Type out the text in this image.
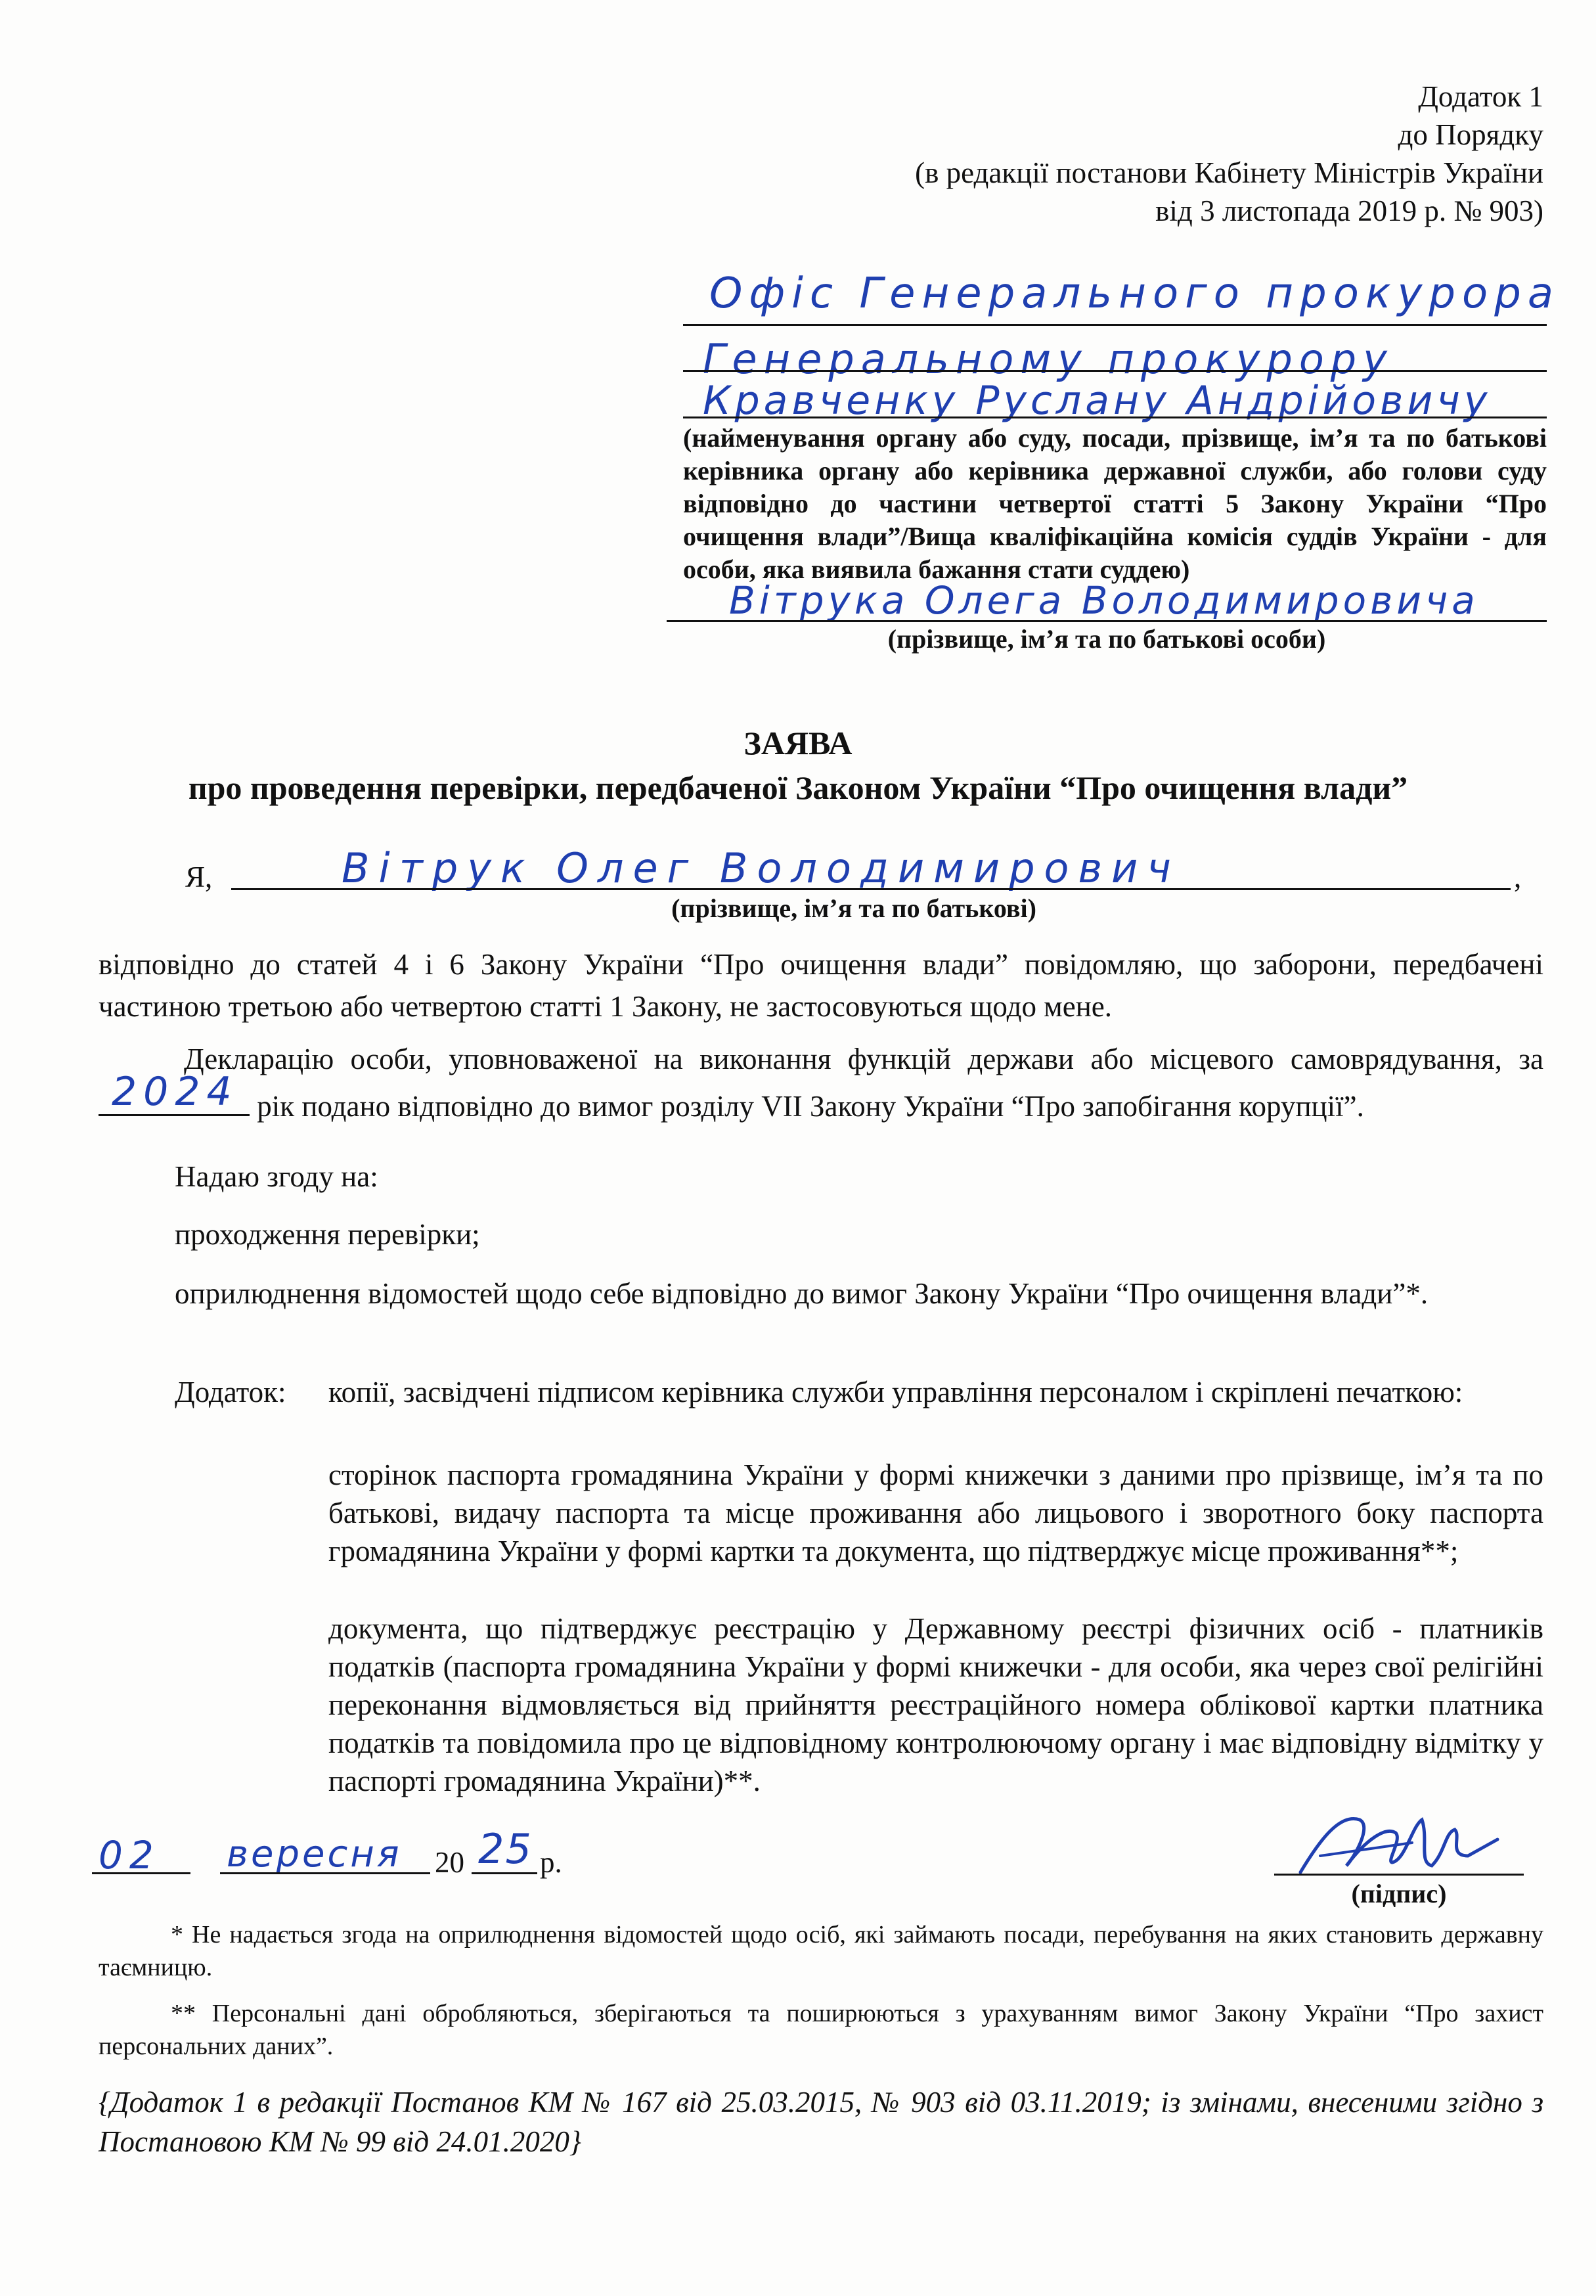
Додаток 1
до Порядку
(в редакції постанови Кабінету Міністрів України
від 3 листопада 2019 р. № 903)
Офіс Генерального прокурора
Генеральному прокурору
Кравченку Руслану Андрійовичу
(найменування органу або суду, посади, прізвище, ім’я та по батькові керівника органу або керівника державної служби, або голови суду відповідно до частини четвертої статті 5 Закону України “Про очищення влади”/Вища кваліфікаційна комісія суддів України - для особи, яка виявила бажання стати суддею)
Вітрука Олега Володимировича
(прізвище, ім’я та по батькові особи)
ЗАЯВА
про проведення перевірки, передбаченої Законом України “Про очищення влади”
Я,	Вітрук Олег Володимирович	,
(прізвище, ім’я та по батькові)
відповідно до статей 4 і 6 Закону України “Про очищення влади” повідомляю, що заборони, передбачені частиною третьою або четвертою статті 1 Закону, не застосовуються щодо мене.
Декларацію особи, уповноваженої на виконання функцій держави або місцевого самоврядування, за
2024 рік подано відповідно до вимог розділу VII Закону України “Про запобігання корупції”.
Надаю згоду на:
проходження перевірки;
оприлюднення відомостей щодо себе відповідно до вимог Закону України “Про очищення влади”*.
Додаток: копії, засвідчені підписом керівника служби управління персоналом і скріплені печаткою:
сторінок паспорта громадянина України у формі книжечки з даними про прізвище, ім’я та по батькові, видачу паспорта та місце проживання або лицьового і зворотного боку паспорта громадянина України у формі картки та документа, що підтверджує місце проживання**;
документа, що підтверджує реєстрацію у Державному реєстрі фізичних осіб - платників податків (паспорта громадянина України у формі книжечки - для особи, яка через свої релігійні переконання відмовляється від прийняття реєстраційного номера облікової картки платника податків та повідомила про це відповідному контролюючому органу і має відповідну відмітку у паспорті громадянина України)**.
02 вересня 20 25 р.
(підпис)
* Не надається згода на оприлюднення відомостей щодо осіб, які займають посади, перебування на яких становить державну таємницю.
** Персональні дані обробляються, зберігаються та поширюються з урахуванням вимог Закону України “Про захист персональних даних”.
{Додаток 1 в редакції Постанов КМ № 167 від 25.03.2015, № 903 від 03.11.2019; із змінами, внесеними згідно з Постановою КМ № 99 від 24.01.2020}
